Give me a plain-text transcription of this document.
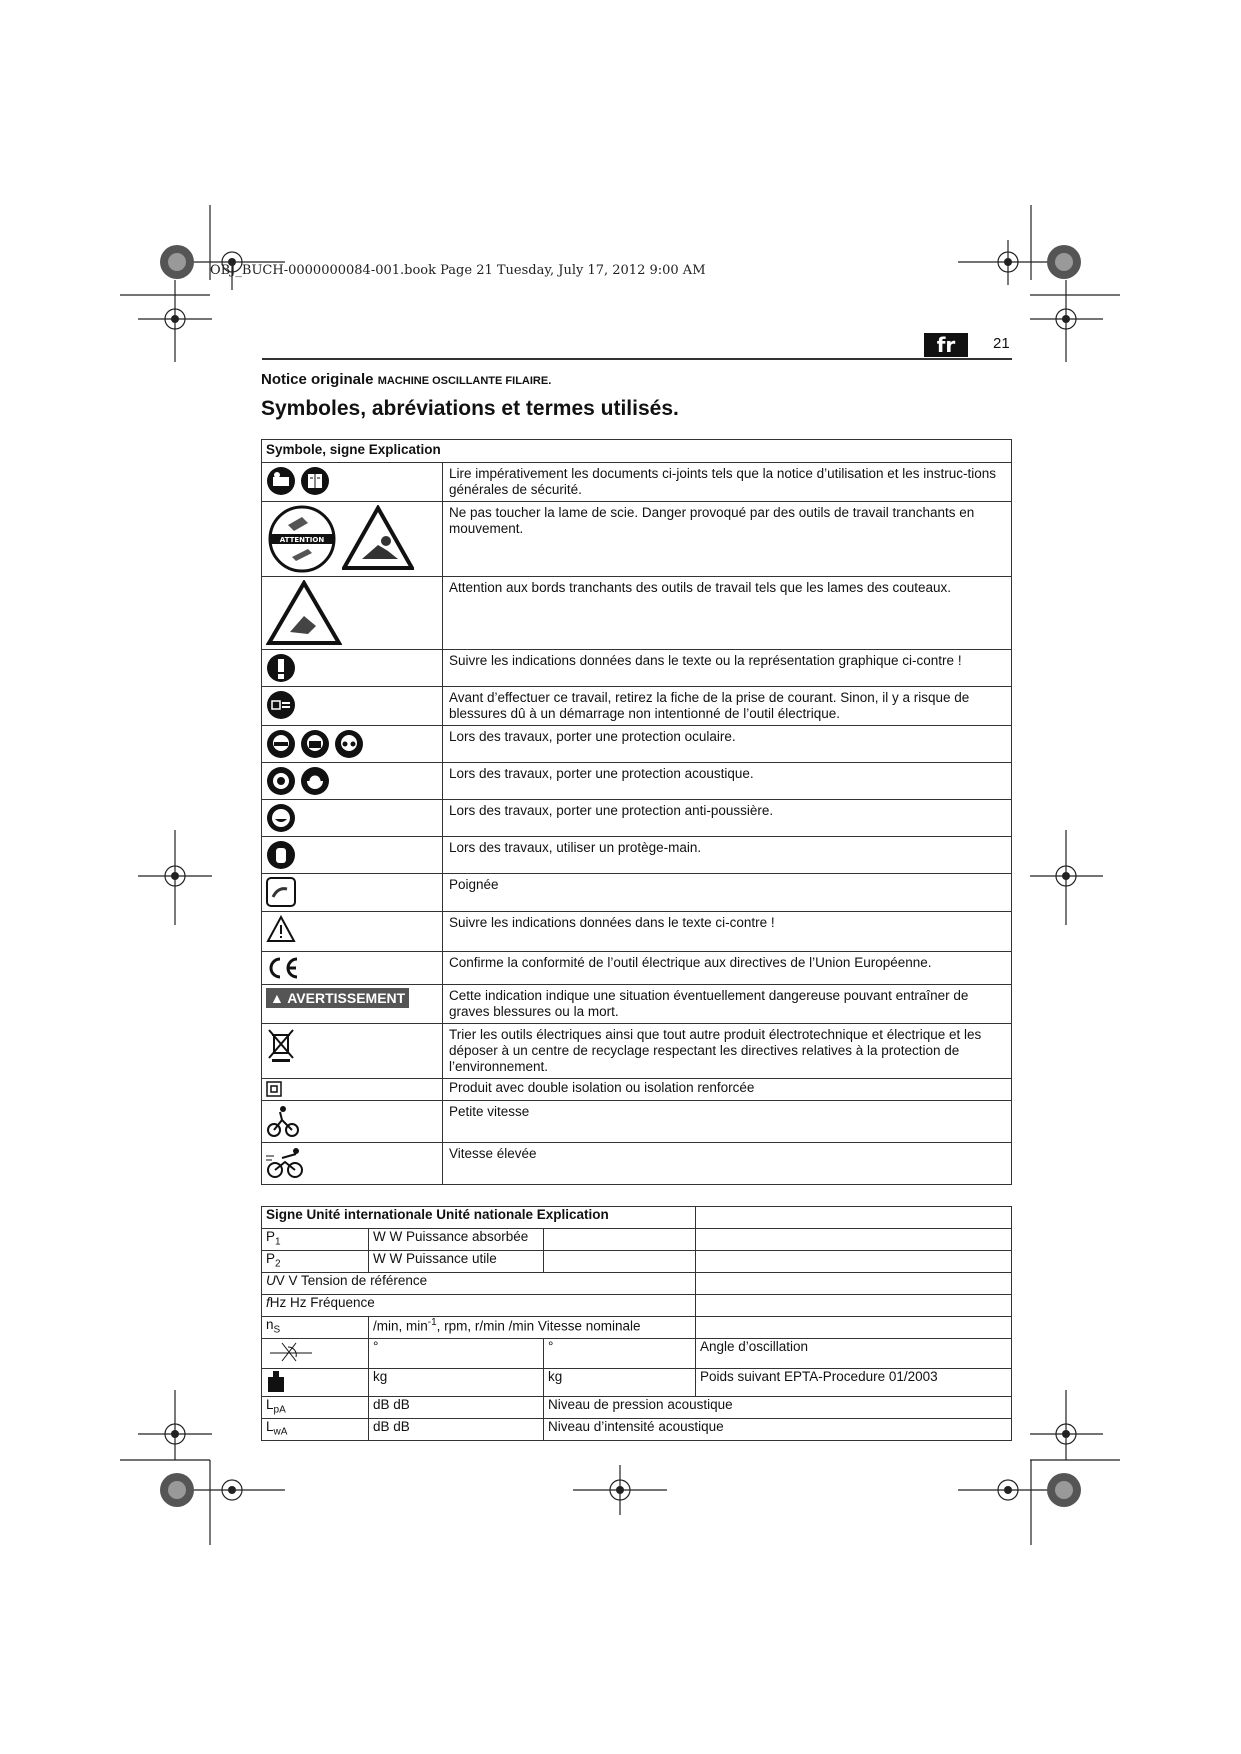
OBJ_BUCH-0000000084-001.book Page 21 Tuesday, July 17, 2012 9:00 AM
fr	21
Notice originale MACHINE OSCILLANTE FILAIRE.
Symboles, abréviations et termes utilisés.
Symbole, signe Explication	

	Lire impérativement les documents ci-joints tels que la notice d’utilisation et les instruc-tions générales de sécurité.

ATTENTION	Ne pas toucher la lame de scie. Danger provoqué par des outils de travail tranchants en mouvement.

	Attention aux bords tranchants des outils de travail tels que les lames des couteaux.

	Suivre les indications données dans le texte ou la représentation graphique ci-contre !

	Avant d’effectuer ce travail, retirez la fiche de la prise de courant. Sinon, il y a risque de blessures dû à un démarrage non intentionné de l’outil électrique.

	Lors des travaux, porter une protection oculaire.

	Lors des travaux, porter une protection acoustique.

	Lors des travaux, porter une protection anti-poussière.

	Lors des travaux, utiliser un protège-main.

	Poignée

	Suivre les indications données dans le texte ci-contre !

	Confirme la conformité de l’outil électrique aux directives de l’Union Européenne.

▲ AVERTISSEMENT	Cette indication indique une situation éventuellement dangereuse pouvant entraîner de graves blessures ou la mort.

	Trier les outils électriques ainsi que tout autre produit électrotechnique et électrique et les déposer à un centre de recyclage respectant les directives relatives à la protection de l’environnement.

	Produit avec double isolation ou isolation renforcée

	Petite vitesse

	Vitesse élevée
Signe Unité internationale Unité nationale Explication			
$P_1$	W W Puissance absorbée		
$P_2$	W W Puissance utile		
UV V Tension de référence			
fHz Hz Fréquence			
$n_S$	/min, $\min^{-1}$, rpm, r/min /min Vitesse nominale		
	°	°	Angle d’oscillation
	kg	kg	Poids suivant EPTA-Procedure 01/2003
$L_{pA}$	dB dB	Niveau de pression acoustique	
$L_{wA}$	dB dB	Niveau d’intensité acoustique	
